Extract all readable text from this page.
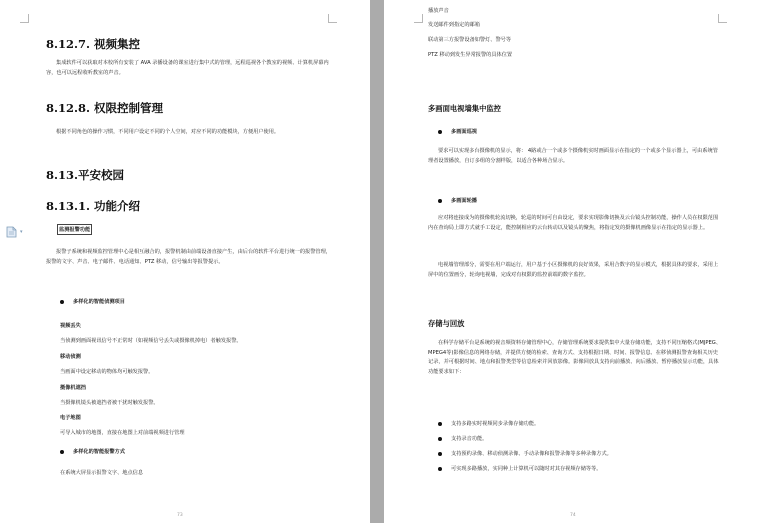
8.12.7. 视频集控
集成软件可以获取对本校所有安装了 AVA 录播设备的课室进行集中式的管理，远程巡视各个教室的视频、计算机屏幕内容，也可以远程收听教室的声音。
8.12.8. 权限控制管理
根据不同角色的操作习惯，不同用户设定不同的个人空间，对应不同的功能模块，方便用户使用。
8.13.平安校园
8.13.1. 功能介绍
监测报警功能
报警子系统和视频监控管理中心是相互融合的，报警机制由前端设备直接产生，由后台的软件平台进行统一的报警管理，报警的文字、声音、电子邮件、电话通知、PTZ 移动，信号输出等报警提示。
多样化的智能侦测项目
视频丢失
当侦测到画面视讯信号不正常时（如视频信号丢失或摄像机掉电）者触发报警。
移动侦测
当画面中设定移动的物体均可触发报警。
摄像机遮挡
当摄像机镜头被遮挡者被干扰时触发报警。
电子地图
可导入城市的地图，直接在地图上对前端视频进行管理
多样化的智能报警方式
在系统大屏显示报警文字、地点信息
73
▾
播放声音
发送邮件到指定的邮箱
联动第三方报警设备如警灯、警号等
PTZ 移动到发生异常报警的具体位置
多画面电视墙集中监控
多画面巡视
要求可以实现多台摄像机的显示，将： 4路或合一个或多个摄像机实时画面显示在指定的一个或多个显示器上，可由系统管理者设置播放，自订多组的分割样版，以适合各种场合显示。
多画面轮播
应对将连接成为的摄像机轮流切换，轮巡的时间可自由设定，要求实现影像切换及云台镜头控制功能，操作人员在权限范围内在查询局上即方式就手工设定，能控制相应的云台转动以及镜头的聚焦，将指定发的摄像机画像显示在指定的显示器上。
电视墙管理部分，需要在用户端运行，用户基于小区摄像机的良好效果，采用合数字的显示模式，根据具体的要求，采用上屏中的位置画分，轮询电视墙，完成对有权限的监控前端的数字监控。
存储与回放
在科学存储平台是系统的视音频资料存储管理中心，存储管理系统要求提供集中大量存储功能，支持不同压缩格式(MJPEG、MPEG4等)影像信息的网络存储，并提供方便的检索、查询方式、支持根据日期、时间、报警信息、在移侦测报警查询相关历史记录，并可根据时间、地点和报警类型等信息检索并回放影像。影像回放具支持向前播放、向后播放、暂停播放显示功能，具体功能要求如下：
支持多路实时视频同步录像存储功能。
支持录音功能。
支持预约录像、移动侦测录像、手动录像和报警录像等多种录像方式。
可实现多路播放，实同种上计算机可以随时对其存视频存储等等。
74
